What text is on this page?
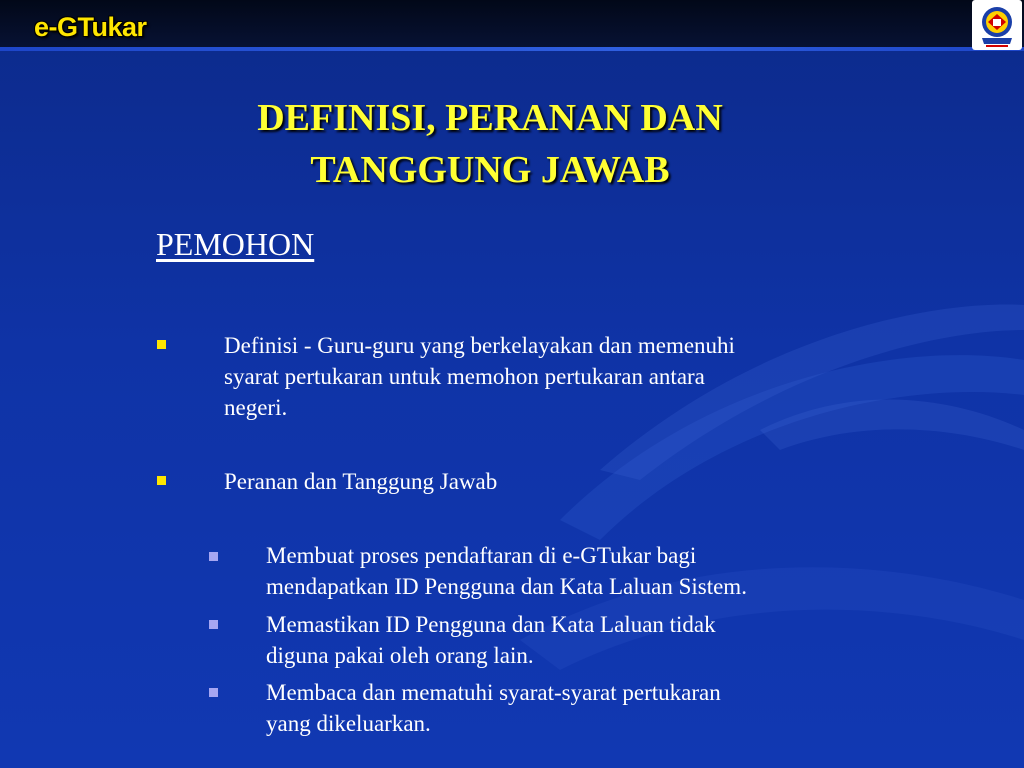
e-GTukar
DEFINISI, PERANAN DAN
TANGGUNG JAWAB
PEMOHON
Definisi - Guru-guru yang berkelayakan dan memenuhi
syarat pertukaran untuk memohon pertukaran antara
negeri.
Peranan dan Tanggung Jawab
Membuat proses pendaftaran di e-GTukar bagi
mendapatkan ID Pengguna dan Kata Laluan Sistem.
Memastikan ID Pengguna dan Kata Laluan tidak
diguna pakai oleh orang lain.
Membaca dan mematuhi syarat-syarat pertukaran
yang dikeluarkan.
